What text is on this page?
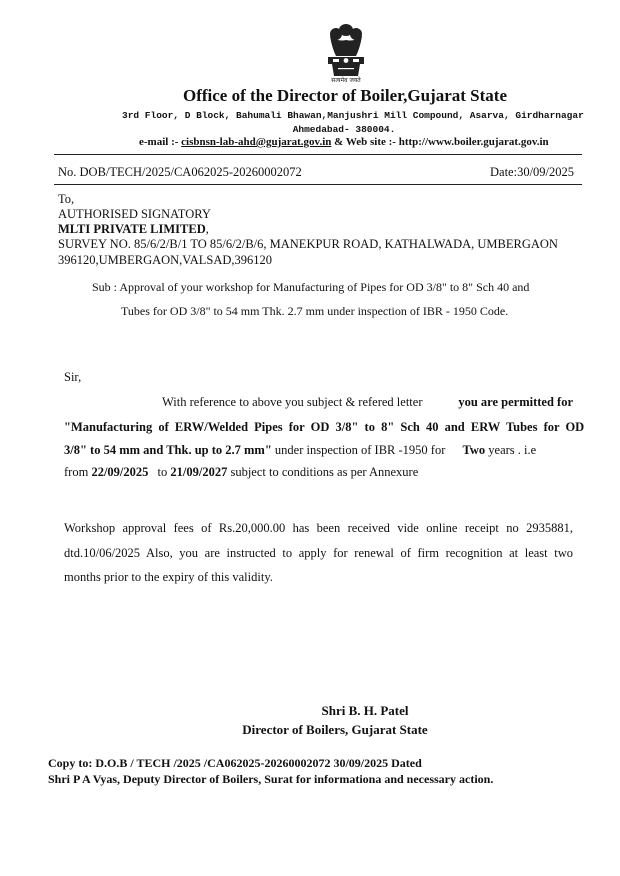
सत्यमेव जयते
Office of the Director of Boiler,Gujarat State
3rd Floor, D Block, Bahumali Bhawan,Manjushri Mill Compound, Asarva, Girdharnagar
Ahmedabad- 380004.
e-mail :- cisbnsn-lab-ahd@gujarat.gov.in & Web site :- http://www.boiler.gujarat.gov.in
No. DOB/TECH/2025/CA062025-20260002072	Date:30/09/2025
To,
AUTHORISED SIGNATORY
MLTI PRIVATE LIMITED,
SURVEY NO. 85/6/2/B/1 TO 85/6/2/B/6, MANEKPUR ROAD, KATHALWADA, UMBERGAON
396120,UMBERGAON,VALSAD,396120
Sub : Approval of your workshop for Manufacturing of Pipes for OD 3/8" to 8" Sch 40 and
Tubes for OD 3/8" to 54 mm Thk. 2.7 mm under inspection of IBR - 1950 Code.
Sir,
With reference to above you subject & refered letter	you are permitted for
"Manufacturing of ERW/Welded Pipes for OD 3/8" to 8" Sch 40 and ERW Tubes for OD
3/8" to 54 mm and Thk. up to 2.7 mm" under inspection of IBR -1950 for Two years . i.e
from 22/09/2025 to 21/09/2027 subject to conditions as per Annexure
Workshop approval fees of Rs.20,000.00 has been received vide online receipt no 2935881,
dtd.10/06/2025 Also, you are instructed to apply for renewal of firm recognition at least two
months prior to the expiry of this validity.
Shri B. H. Patel
Director of Boilers, Gujarat State
Copy to: D.O.B / TECH /2025 /CA062025-20260002072 30/09/2025 Dated
Shri P A Vyas, Deputy Director of Boilers, Surat for informationa and necessary action.
